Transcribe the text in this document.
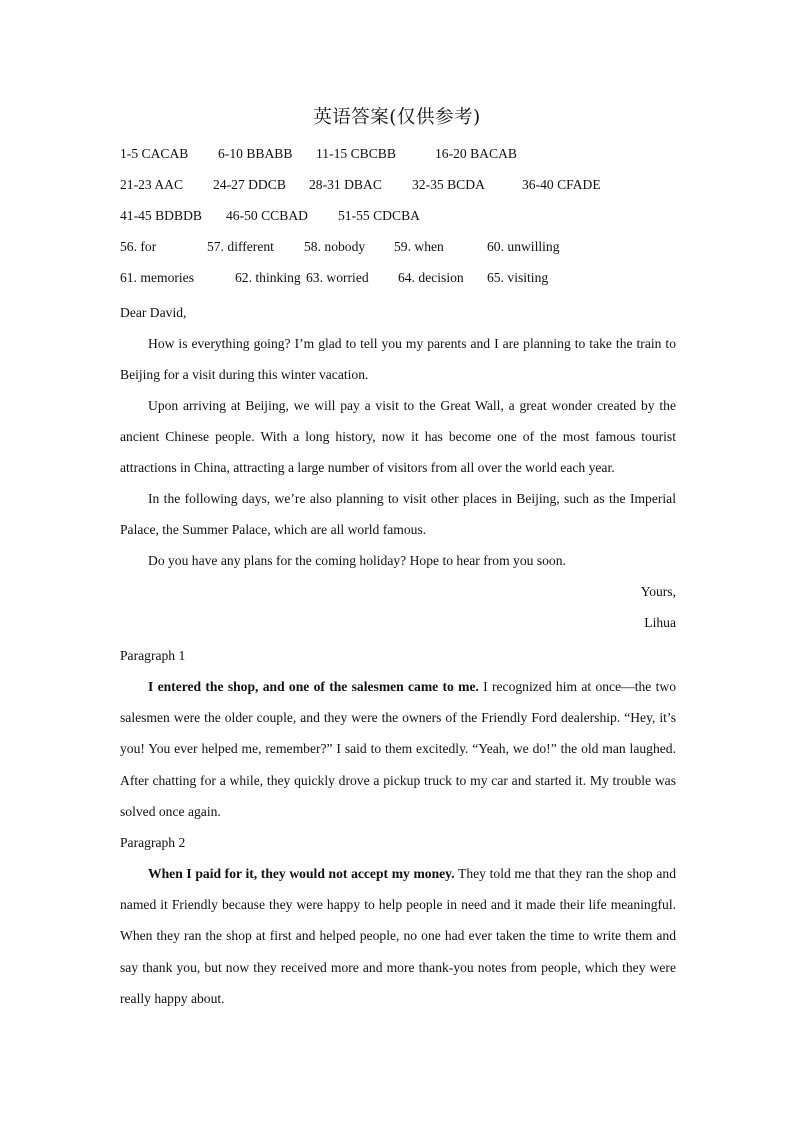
英语答案(仅供参考)
1-5 CACAB 6-10 BBABB 11-15 CBCBB	16-20 BACAB
21-23 AAC 24-27 DDCB 28-31 DBAC 32-35 BCDA	36-40 CFADE
41-45 BDBDB 46-50 CCBAD 51-55 CDCBA
56. for	57. different 58. nobody 59. when	60. unwilling
61. memories	62. thinking 63. worried 64. decision 65. visiting

Dear David,

How is everything going? I’m glad to tell you my parents and I are planning to take the train to Beijing for a visit during this winter vacation.

Upon arriving at Beijing, we will pay a visit to the Great Wall, a great wonder created by the ancient Chinese people. With a long history, now it has become one of the most famous tourist attractions in China, attracting a large number of visitors from all over the world each year.

In the following days, we’re also planning to visit other places in Beijing, such as the Imperial Palace, the Summer Palace, which are all world famous.

Do you have any plans for the coming holiday? Hope to hear from you soon.

Yours,

Lihua

Paragraph 1

I entered the shop, and one of the salesmen came to me. I recognized him at once—the two salesmen were the older couple, and they were the owners of the Friendly Ford dealership. “Hey, it’s you! You ever helped me, remember?” I said to them excitedly. “Yeah, we do!” the old man laughed. After chatting for a while, they quickly drove a pickup truck to my car and started it. My trouble was solved once again.

Paragraph 2

When I paid for it, they would not accept my money. They told me that they ran the shop and named it Friendly because they were happy to help people in need and it made their life meaningful. When they ran the shop at first and helped people, no one had ever taken the time to write them and say thank you, but now they received more and more thank-you notes from people, which they were really happy about.
